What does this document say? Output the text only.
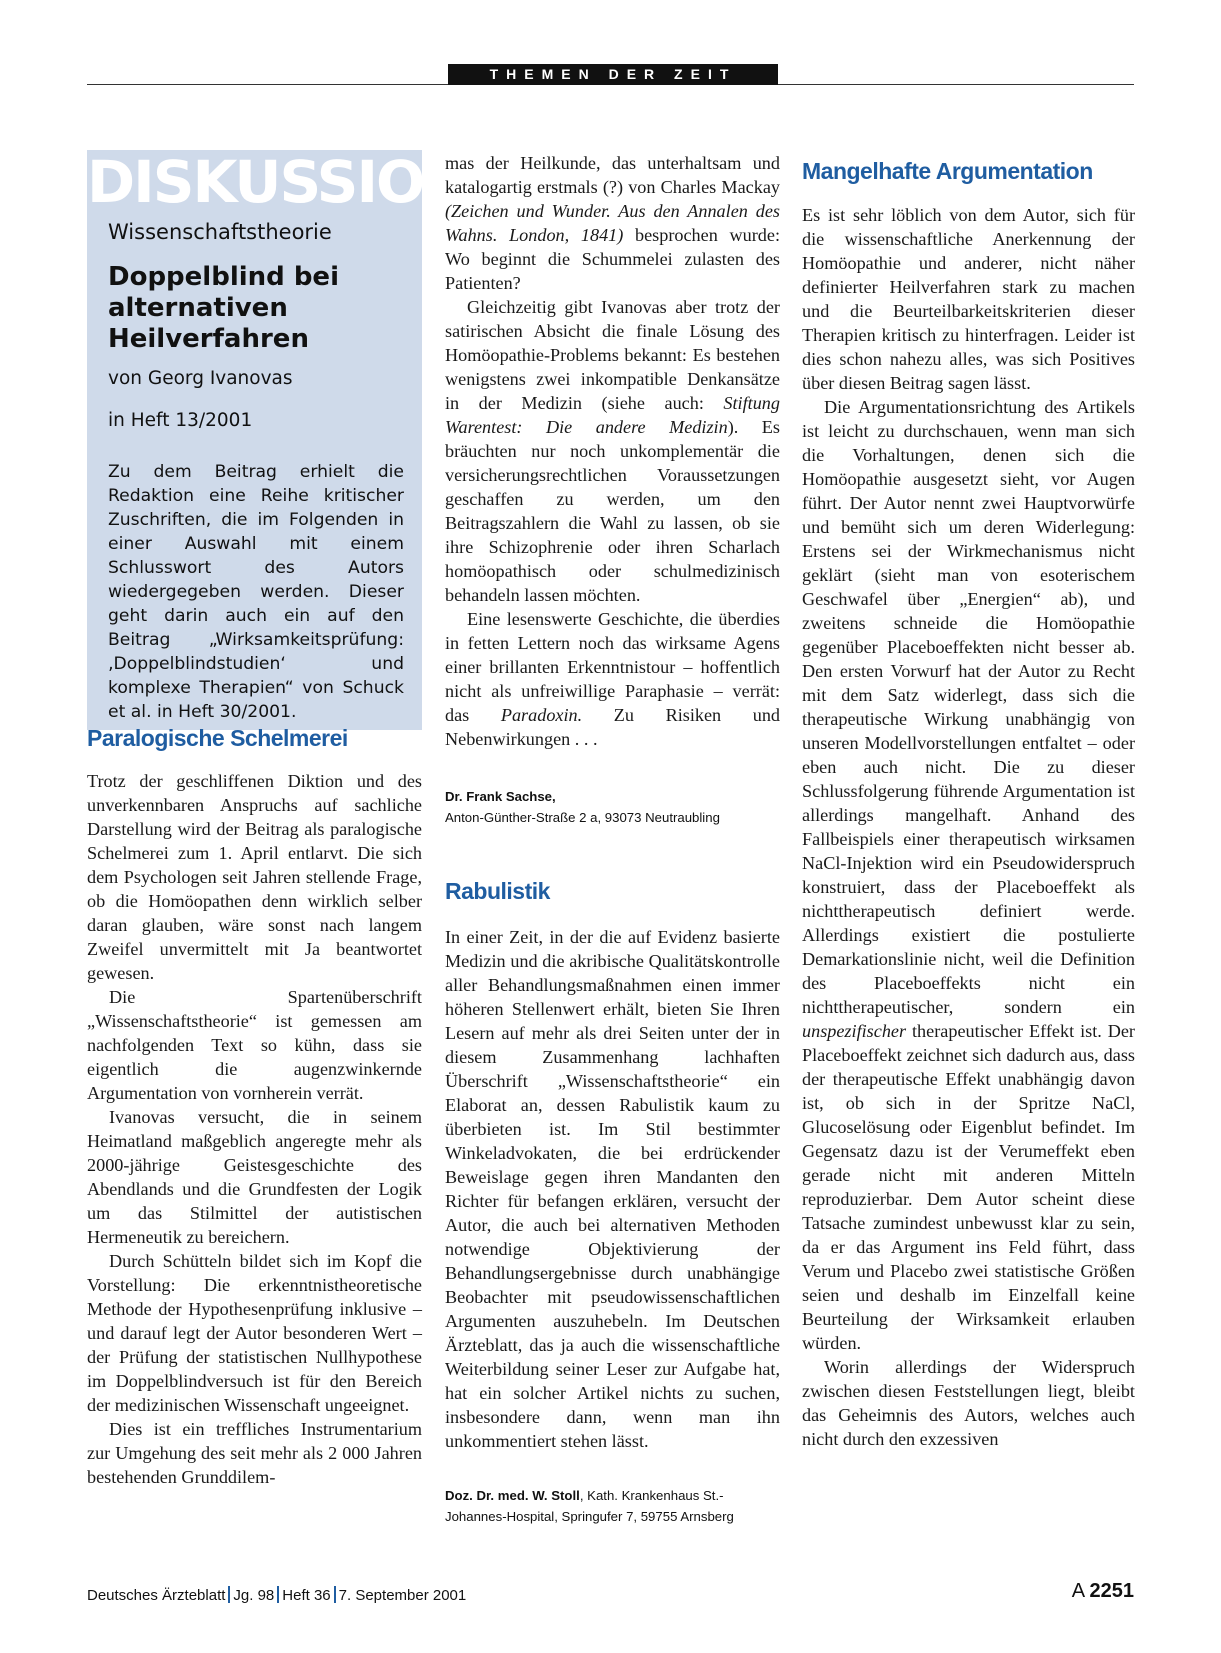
THEMEN DER ZEIT
DISKUSSION
Wissenschaftstheorie
Doppelblind bei alternativen Heilverfahren
von Georg Ivanovas
in Heft 13/2001
Zu dem Beitrag erhielt die Redaktion eine Reihe kritischer Zuschriften, die im Folgenden in einer Auswahl mit einem Schlusswort des Autors wiedergegeben werden. Dieser geht darin auch ein auf den Beitrag „Wirksamkeitsprüfung: ‚Doppelblindstudien‘ und komplexe Therapien“ von Schuck et al. in Heft 30/2001.
Paralogische Schelmerei

Trotz der geschliffenen Diktion und des unverkennbaren Anspruchs auf sachliche Darstellung wird der Beitrag als paralogische Schelmerei zum 1. April entlarvt. Die sich dem Psychologen seit Jahren stellende Frage, ob die Homöopathen denn wirklich selber daran glauben, wäre sonst nach langem Zweifel unvermittelt mit Ja beantwortet gewesen.

Die Spartenüberschrift „Wissenschaftstheorie“ ist gemessen am nachfolgenden Text so kühn, dass sie eigentlich die augenzwinkernde Argumentation von vornherein verrät.

Ivanovas versucht, die in seinem Heimatland maßgeblich angeregte mehr als 2000-jährige Geistesgeschichte des Abendlands und die Grundfesten der Logik um das Stilmittel der autistischen Hermeneutik zu bereichern.

Durch Schütteln bildet sich im Kopf die Vorstellung: Die erkenntnistheoretische Methode der Hypothesenprüfung inklusive – und darauf legt der Autor besonderen Wert – der Prüfung der statistischen Nullhypothese im Doppelblindversuch ist für den Bereich der medizinischen Wissenschaft ungeeignet.

Dies ist ein treffliches Instrumentarium zur Umgehung des seit mehr als 2 000 Jahren bestehenden Grunddilem-

mas der Heilkunde, das unterhaltsam und katalogartig erstmals (?) von Charles Mackay (Zeichen und Wunder. Aus den Annalen des Wahns. London, 1841) besprochen wurde: Wo beginnt die Schummelei zulasten des Patienten?

Gleichzeitig gibt Ivanovas aber trotz der satirischen Absicht die finale Lösung des Homöopathie-Problems bekannt: Es bestehen wenigstens zwei inkompatible Denkansätze in der Medizin (siehe auch: Stiftung Warentest: Die andere Medizin). Es bräuchten nur noch unkomplementär die versicherungsrechtlichen Voraussetzungen geschaffen zu werden, um den Beitragszahlern die Wahl zu lassen, ob sie ihre Schizophrenie oder ihren Scharlach homöopathisch oder schulmedizinisch behandeln lassen möchten.

Eine lesenswerte Geschichte, die überdies in fetten Lettern noch das wirksame Agens einer brillanten Erkenntnistour – hoffentlich nicht als unfreiwillige Paraphasie – verrät: das Paradoxin. Zu Risiken und Nebenwirkungen . . .

Dr. Frank Sachse,
Anton-Günther-Straße 2 a, 93073 Neutraubling
Rabulistik

In einer Zeit, in der die auf Evidenz basierte Medizin und die akribische Qualitätskontrolle aller Behandlungsmaßnahmen einen immer höheren Stellenwert erhält, bieten Sie Ihren Lesern auf mehr als drei Seiten unter der in diesem Zusammenhang lachhaften Überschrift „Wissenschaftstheorie“ ein Elaborat an, dessen Rabulistik kaum zu überbieten ist. Im Stil bestimmter Winkeladvokaten, die bei erdrückender Beweislage gegen ihren Mandanten den Richter für befangen erklären, versucht der Autor, die auch bei alternativen Methoden notwendige Objektivierung der Behandlungsergebnisse durch unabhängige Beobachter mit pseudowissenschaftlichen Argumenten auszuhebeln. Im Deutschen Ärzteblatt, das ja auch die wissenschaftliche Weiterbildung seiner Leser zur Aufgabe hat, hat ein solcher Artikel nichts zu suchen, insbesondere dann, wenn man ihn unkommentiert stehen lässt.

Doz. Dr. med. W. Stoll, Kath. Krankenhaus St.-Johannes-Hospital, Springufer 7, 59755 Arnsberg
Mangelhafte Argumentation

Es ist sehr löblich von dem Autor, sich für die wissenschaftliche Anerkennung der Homöopathie und anderer, nicht näher definierter Heilverfahren stark zu machen und die Beurteilbarkeitskriterien dieser Therapien kritisch zu hinterfragen. Leider ist dies schon nahezu alles, was sich Positives über diesen Beitrag sagen lässt.

Die Argumentationsrichtung des Artikels ist leicht zu durchschauen, wenn man sich die Vorhaltungen, denen sich die Homöopathie ausgesetzt sieht, vor Augen führt. Der Autor nennt zwei Hauptvorwürfe und bemüht sich um deren Widerlegung: Erstens sei der Wirkmechanismus nicht geklärt (sieht man von esoterischem Geschwafel über „Energien“ ab), und zweitens schneide die Homöopathie gegenüber Placeboeffekten nicht besser ab. Den ersten Vorwurf hat der Autor zu Recht mit dem Satz widerlegt, dass sich die therapeutische Wirkung unabhängig von unseren Modellvorstellungen entfaltet – oder eben auch nicht. Die zu dieser Schlussfolgerung führende Argumentation ist allerdings mangelhaft. Anhand des Fallbeispiels einer therapeutisch wirksamen NaCl-Injektion wird ein Pseudowiderspruch konstruiert, dass der Placeboeffekt als nichttherapeutisch definiert werde. Allerdings existiert die postulierte Demarkationslinie nicht, weil die Definition des Placeboeffekts nicht ein nichttherapeutischer, sondern ein unspezifischer therapeutischer Effekt ist. Der Placeboeffekt zeichnet sich dadurch aus, dass der therapeutische Effekt unabhängig davon ist, ob sich in der Spritze NaCl, Glucoselösung oder Eigenblut befindet. Im Gegensatz dazu ist der Verumeffekt eben gerade nicht mit anderen Mitteln reproduzierbar. Dem Autor scheint diese Tatsache zumindest unbewusst klar zu sein, da er das Argument ins Feld führt, dass Verum und Placebo zwei statistische Größen seien und deshalb im Einzelfall keine Beurteilung der Wirksamkeit erlauben würden.

Worin allerdings der Widerspruch zwischen diesen Feststellungen liegt, bleibt das Geheimnis des Autors, welches auch nicht durch den exzessiven

Deutsches Ärzteblatt Jg. 98 Heft 36 7. September 2001	A 2251
